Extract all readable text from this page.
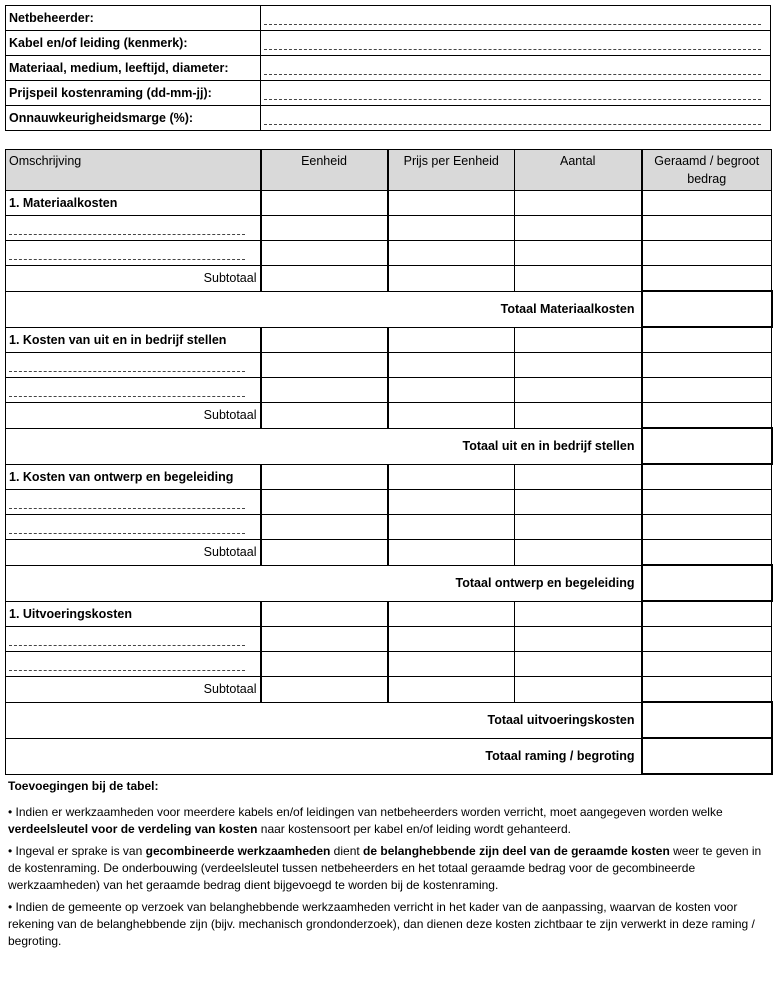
Netbeheerder:	

Kabel en/of leiding (kenmerk):	

Materiaal, medium, leeftijd, diameter:	

Prijspeil kostenraming (dd-mm-jj):	

Onnauwkeurigheidsmarge (%):	
Omschrijving	Eenheid	Prijs per Eenheid	Aantal	Geraamd / begroot bedrag
1. Materiaalkosten				

Subtotaal				
Totaal Materiaalkosten				
1. Kosten van uit en in bedrijf stellen				

Subtotaal				
Totaal uit en in bedrijf stellen				
1. Kosten van ontwerp en begeleiding				

Subtotaal				
Totaal ontwerp en begeleiding				
1. Uitvoeringskosten				

Subtotaal				
Totaal uitvoeringskosten				
Totaal raming / begroting				

Toevoegingen bij de tabel:

• Indien er werkzaamheden voor meerdere kabels en/of leidingen van netbeheerders worden verricht, moet aangegeven worden welke verdeelsleutel voor de verdeling van kosten naar kostensoort per kabel en/of leiding wordt gehanteerd.

• Ingeval er sprake is van gecombineerde werkzaamheden dient de belanghebbende zijn deel van de geraamde kosten weer te geven in de kostenraming. De onderbouwing (verdeelsleutel tussen netbeheerders en het totaal geraamde bedrag voor de gecombineerde werkzaamheden) van het geraamde bedrag dient bijgevoegd te worden bij de kostenraming.

• Indien de gemeente op verzoek van belanghebbende werkzaamheden verricht in het kader van de aanpassing, waarvan de kosten voor rekening van de belanghebbende zijn (bijv. mechanisch grondonderzoek), dan dienen deze kosten zichtbaar te zijn verwerkt in deze raming / begroting.
